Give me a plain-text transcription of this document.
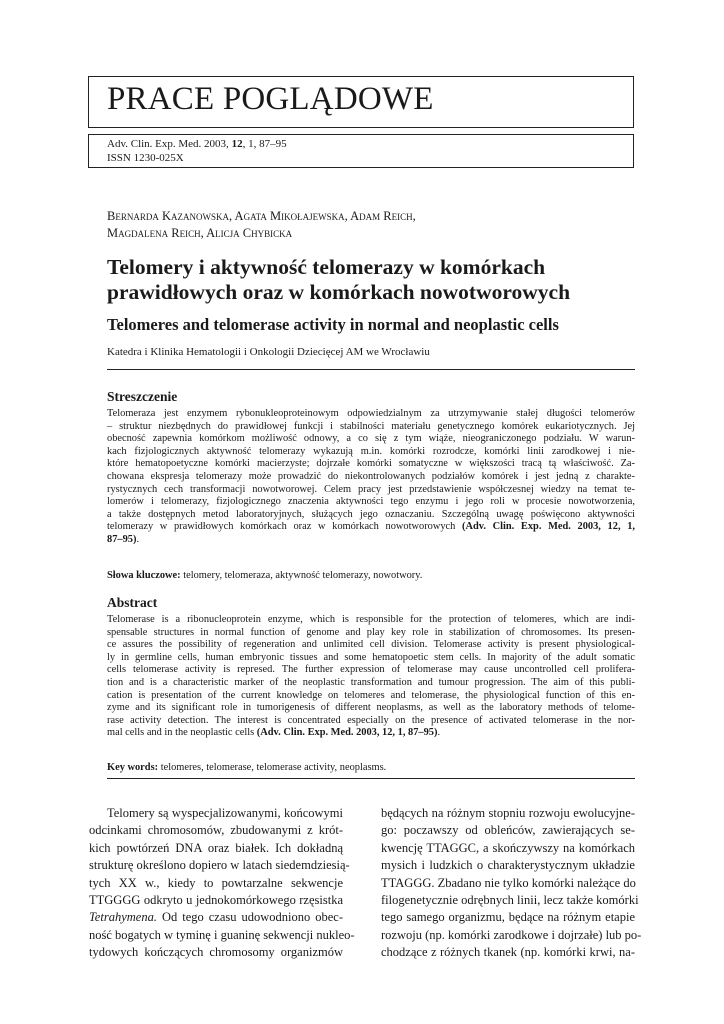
PRACE POGLĄDOWE
Adv. Clin. Exp. Med. 2003, 12, 1, 87–95
ISSN 1230-025X
Bernarda Kazanowska, Agata Mikołajewska, Adam Reich,
Magdalena Reich, Alicja Chybicka
Telomery i aktywność telomerazy w komórkach
prawidłowych oraz w komórkach nowotworowych
Telomeres and telomerase activity in normal and neoplastic cells
Katedra i Klinika Hematologii i Onkologii Dziecięcej AM we Wrocławiu
Streszczenie
Telomeraza jest enzymem rybonukleoproteinowym odpowiedzialnym za utrzymywanie stałej długości telomerów
– struktur niezbędnych do prawidłowej funkcji i stabilności materiału genetycznego komórek eukariotycznych. Jej
obecność zapewnia komórkom możliwość odnowy, a co się z tym wiąże, nieograniczonego podziału. W warun-
kach fizjologicznych aktywność telomerazy wykazują m.in. komórki rozrodcze, komórki linii zarodkowej i nie-
które hematopoetyczne komórki macierzyste; dojrzałe komórki somatyczne w większości tracą tą właściwość. Za-
chowana ekspresja telomerazy może prowadzić do niekontrolowanych podziałów komórek i jest jedną z charakte-
rystycznych cech transformacji nowotworowej. Celem pracy jest przedstawienie współczesnej wiedzy na temat te-
lomerów i telomerazy, fizjologicznego znaczenia aktywności tego enzymu i jego roli w procesie nowotworzenia,
a także dostępnych metod laboratoryjnych, służących jego oznaczaniu. Szczególną uwagę poświęcono aktywności
telomerazy w prawidłowych komórkach oraz w komórkach nowotworowych (Adv. Clin. Exp. Med. 2003, 12, 1,
87–95).
Słowa kluczowe: telomery, telomeraza, aktywność telomerazy, nowotwory.
Abstract
Telomerase is a ribonucleoprotein enzyme, which is responsible for the protection of telomeres, which are indi-
spensable structures in normal function of genome and play key role in stabilization of chromosomes. Its presen-
ce assures the possibility of regeneration and unlimited cell division. Telomerase activity is present physiological-
ly in germline cells, human embryonic tissues and some hematopoetic stem cells. In majority of the adult somatic
cells telomerase activity is represed. The further expression of telomerase may cause uncontrolled cell prolifera-
tion and is a characteristic marker of the neoplastic transformation and tumour progression. The aim of this publi-
cation is presentation of the current knowledge on telomeres and telomerase, the physiological function of this en-
zyme and its significant role in tumorigenesis of different neoplasms, as well as the laboratory methods of telome-
rase activity detection. The interest is concentrated especially on the presence of activated telomerase in the nor-
mal cells and in the neoplastic cells (Adv. Clin. Exp. Med. 2003, 12, 1, 87–95).
Key words: telomeres, telomerase, telomerase activity, neoplasms.
Telomery są wyspecjalizowanymi, końcowymi
odcinkami chromosomów, zbudowanymi z krót-
kich powtórzeń DNA oraz białek. Ich dokładną
strukturę określono dopiero w latach siedemdziesią-
tych XX w., kiedy to powtarzalne sekwencje
TTGGGG odkryto u jednokomórkowego rzęsistka
Tetrahymena. Od tego czasu udowodniono obec-
ność bogatych w tyminę i guaninę sekwencji nukleo-
tydowych kończących chromosomy organizmów
będących na różnym stopniu rozwoju ewolucyjne-
go: poczawszy od obleńców, zawierających se-
kwencję TTAGGC, a skończywszy na komórkach
mysich i ludzkich o charakterystycznym układzie
TTAGGG. Zbadano nie tylko komórki należące do
filogenetycznie odrębnych linii, lecz także komórki
tego samego organizmu, będące na różnym etapie
rozwoju (np. komórki zarodkowe i dojrzałe) lub po-
chodzące z różnych tkanek (np. komórki krwi, na-
